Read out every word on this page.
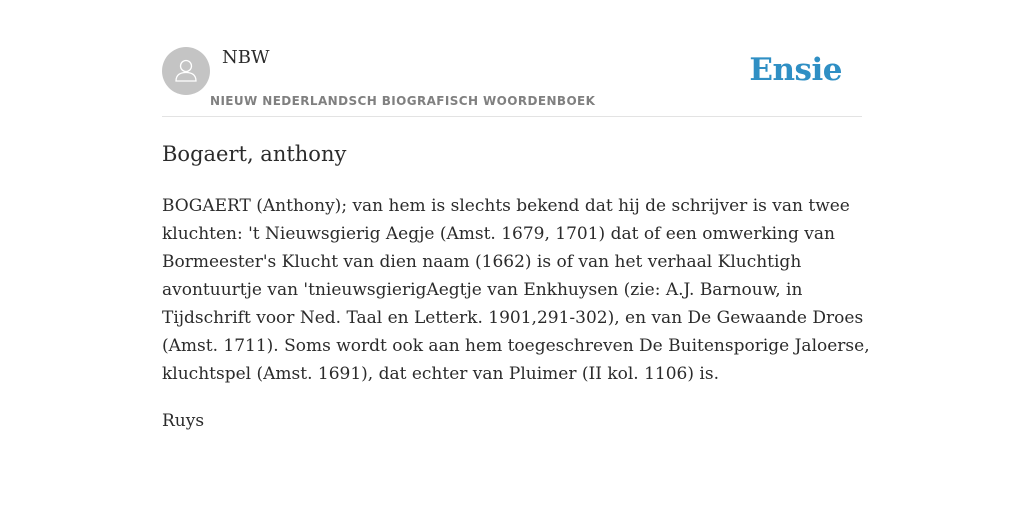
NBW
NIEUW NEDERLANDSCH BIOGRAFISCH WOORDENBOEK
Ensie
Bogaert, anthony

BOGAERT (Anthony); van hem is slechts bekend dat hij de schrijver is van twee
kluchten: 't Nieuwsgierig Aegje (Amst. 1679, 1701) dat of een omwerking van
Bormeester's Klucht van dien naam (1662) is of van het verhaal Kluchtigh
avontuurtje van 'tnieuwsgierigAegtje van Enkhuysen (zie: A.J. Barnouw, in
Tijdschrift voor Ned. Taal en Letterk. 1901,291-302), en van De Gewaande Droes
(Amst. 1711). Soms wordt ook aan hem toegeschreven De Buitensporige Jaloerse,
kluchtspel (Amst. 1691), dat echter van Pluimer (II kol. 1106) is.

Ruys
